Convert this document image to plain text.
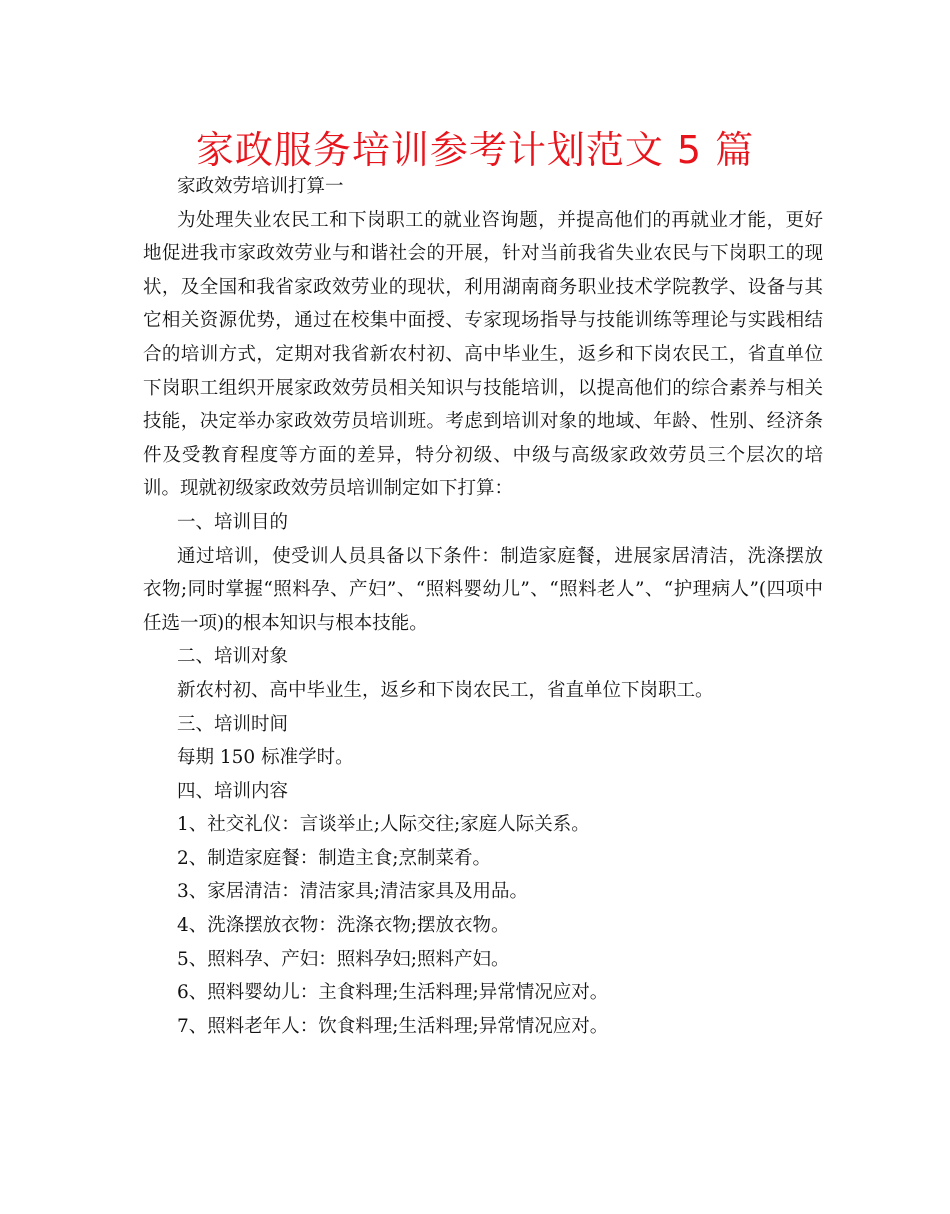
家政服务培训参考计划范文 5 篇

家政效劳培训打算一

为处理失业农民工和下岗职工的就业咨询题，并提高他们的再就业才能，更好地促进我市家政效劳业与和谐社会的开展，针对当前我省失业农民与下岗职工的现状，及全国和我省家政效劳业的现状，利用湖南商务职业技术学院教学、设备与其它相关资源优势，通过在校集中面授、专家现场指导与技能训练等理论与实践相结合的培训方式，定期对我省新农村初、高中毕业生，返乡和下岗农民工，省直单位下岗职工组织开展家政效劳员相关知识与技能培训，以提高他们的综合素养与相关技能，决定举办家政效劳员培训班。考虑到培训对象的地域、年龄、性别、经济条件及受教育程度等方面的差异，特分初级、中级与高级家政效劳员三个层次的培训。现就初级家政效劳员培训制定如下打算：

一、培训目的

通过培训，使受训人员具备以下条件：制造家庭餐，进展家居清洁，洗涤摆放衣物;同时掌握“照料孕、产妇”、“照料婴幼儿”、“照料老人”、“护理病人”(四项中任选一项)的根本知识与根本技能。

二、培训对象

新农村初、高中毕业生，返乡和下岗农民工，省直单位下岗职工。

三、培训时间

每期 150 标准学时。

四、培训内容

1、社交礼仪：言谈举止;人际交往;家庭人际关系。

2、制造家庭餐：制造主食;烹制菜肴。

3、家居清洁：清洁家具;清洁家具及用品。

4、洗涤摆放衣物：洗涤衣物;摆放衣物。

5、照料孕、产妇：照料孕妇;照料产妇。

6、照料婴幼儿：主食料理;生活料理;异常情况应对。

7、照料老年人：饮食料理;生活料理;异常情况应对。
